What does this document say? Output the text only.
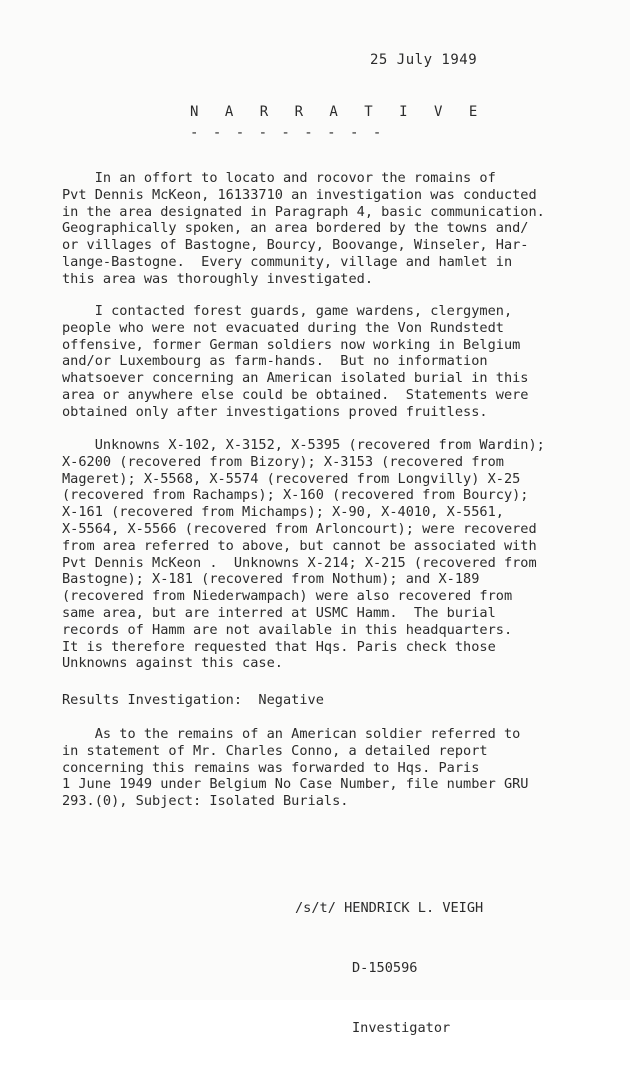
25 July 1949
N A R R A T I V E
- - - - - - - - -
In an offort to locato and rocovor the romains of
Pvt Dennis McKeon, 16133710 an investigation was conducted
in the area designated in Paragraph 4, basic communication.
Geographically spoken, an area bordered by the towns and/
or villages of Bastogne, Bourcy, Boovange, Winseler, Har-
lange-Bastogne.  Every community, village and hamlet in
this area was thoroughly investigated.
I contacted forest guards, game wardens, clergymen,
people who were not evacuated during the Von Rundstedt
offensive, former German soldiers now working in Belgium
and/or Luxembourg as farm-hands.  But no information
whatsoever concerning an American isolated burial in this
area or anywhere else could be obtained.  Statements were
obtained only after investigations proved fruitless.
Unknowns X-102, X-3152, X-5395 (recovered from Wardin);
X-6200 (recovered from Bizory); X-3153 (recovered from
Mageret); X-5568, X-5574 (recovered from Longvilly) X-25
(recovered from Rachamps); X-160 (recovered from Bourcy);
X-161 (recovered from Michamps); X-90, X-4010, X-5561,
X-5564, X-5566 (recovered from Arloncourt); were recovered
from area referred to above, but cannot be associated with
Pvt Dennis McKeon .  Unknowns X-214; X-215 (recovered from
Bastogne); X-181 (recovered from Nothum); and X-189
(recovered from Niederwampach) were also recovered from
same area, but are interred at USMC Hamm.  The burial
records of Hamm are not available in this headquarters.
It is therefore requested that Hqs. Paris check those
Unknowns against this case.
Results Investigation:  Negative
As to the remains of an American soldier referred to
in statement of Mr. Charles Conno, a detailed report
concerning this remains was forwarded to Hqs. Paris
1 June 1949 under Belgium No Case Number, file number GRU
293.(0), Subject: Isolated Burials.

/s/t/ HENDRICK L. VEIGH

D-150596

Investigator
